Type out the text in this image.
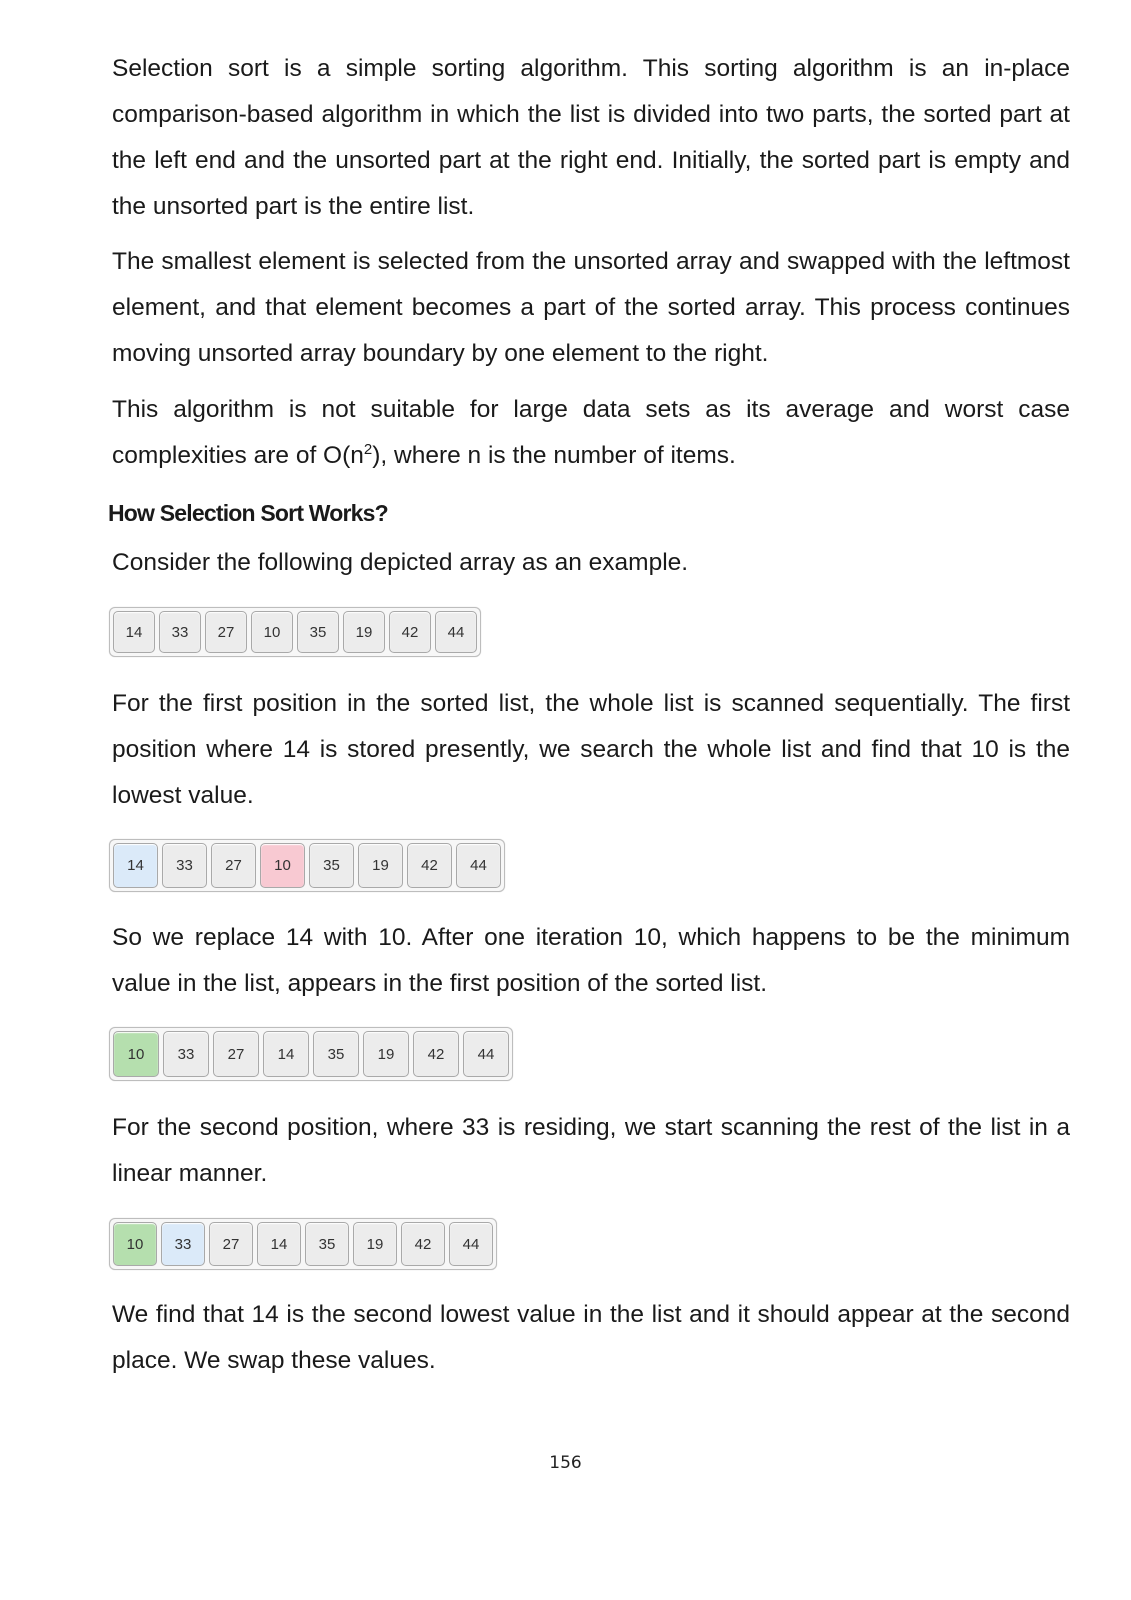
Selection sort is a simple sorting algorithm. This sorting algorithm is an in-place comparison-based algorithm in which the list is divided into two parts, the sorted part at the left end and the unsorted part at the right end. Initially, the sorted part is empty and the unsorted part is the entire list.

The smallest element is selected from the unsorted array and swapped with the leftmost element, and that element becomes a part of the sorted array. This process continues moving unsorted array boundary by one element to the right.

This algorithm is not suitable for large data sets as its average and worst case complexities are of $O(n^2)$, where n is the number of items.

How Selection Sort Works?

Consider the following depicted array as an example.

14	33	27	10	35	19	42	44

For the first position in the sorted list, the whole list is scanned sequentially. The first position where 14 is stored presently, we search the whole list and find that 10 is the lowest value.

14	33	27	10	35	19	42	44

So we replace 14 with 10. After one iteration 10, which happens to be the minimum value in the list, appears in the first position of the sorted list.

10	33	27	14	35	19	42	44

For the second position, where 33 is residing, we start scanning the rest of the list in a linear manner.

10	33	27	14	35	19	42	44

We find that 14 is the second lowest value in the list and it should appear at the second place. We swap these values.

156
